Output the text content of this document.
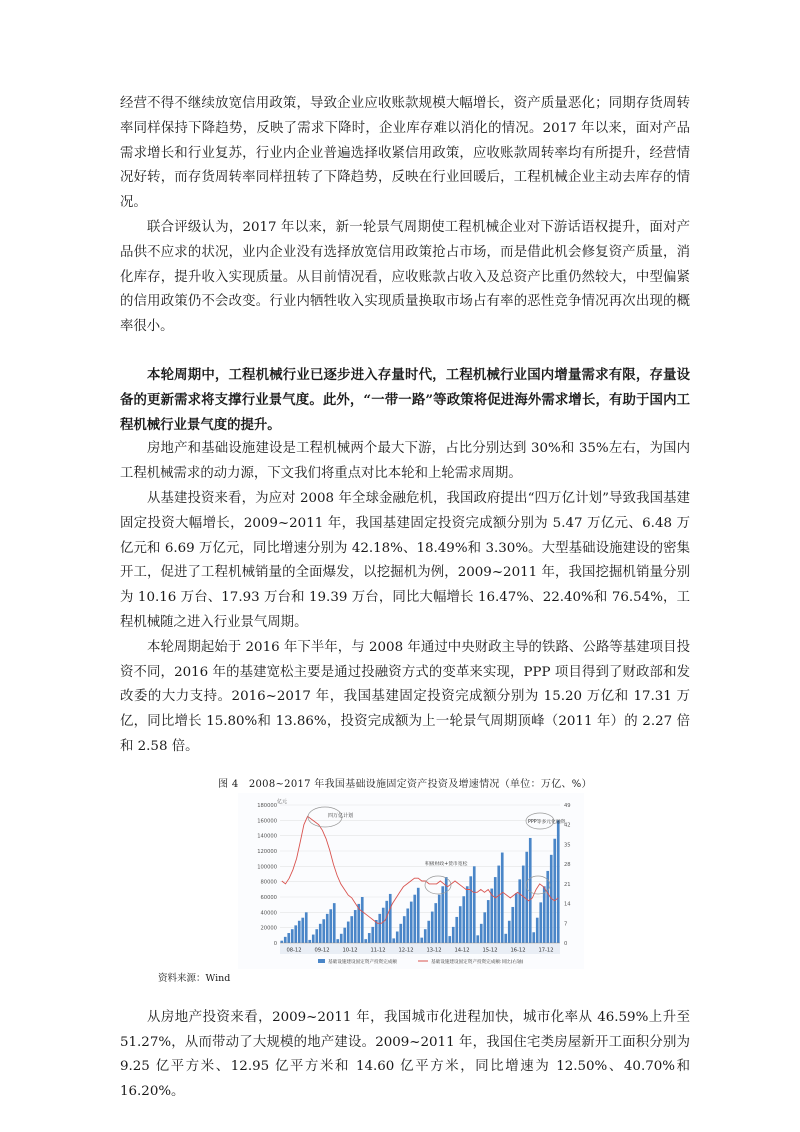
经营不得不继续放宽信用政策，导致企业应收账款规模大幅增长，资产质量恶化；同期存货周转率同样保持下降趋势，反映了需求下降时，企业库存难以消化的情况。2017 年以来，面对产品需求增长和行业复苏，行业内企业普遍选择收紧信用政策，应收账款周转率均有所提升，经营情况好转，而存货周转率同样扭转了下降趋势，反映在行业回暖后，工程机械企业主动去库存的情况。

联合评级认为，2017 年以来，新一轮景气周期使工程机械企业对下游话语权提升，面对产品供不应求的状况，业内企业没有选择放宽信用政策抢占市场，而是借此机会修复资产质量，消化库存，提升收入实现质量。从目前情况看，应收账款占收入及总资产比重仍然较大，中型偏紧的信用政策仍不会改变。行业内牺牲收入实现质量换取市场占有率的恶性竞争情况再次出现的概率很小。

本轮周期中，工程机械行业已逐步进入存量时代，工程机械行业国内增量需求有限，存量设备的更新需求将支撑行业景气度。此外，“一带一路”等政策将促进海外需求增长，有助于国内工程机械行业景气度的提升。

房地产和基础设施建设是工程机械两个最大下游，占比分别达到 30%和 35%左右，为国内工程机械需求的动力源，下文我们将重点对比本轮和上轮需求周期。

从基建投资来看，为应对 2008 年全球金融危机，我国政府提出“四万亿计划”导致我国基建固定投资大幅增长，2009~2011 年，我国基建固定投资完成额分别为 5.47 万亿元、6.48 万亿元和 6.69 万亿元，同比增速分别为 42.18%、18.49%和 3.30%。大型基础设施建设的密集开工，促进了工程机械销量的全面爆发，以挖掘机为例，2009~2011 年，我国挖掘机销量分别为 10.16 万台、17.93 万台和 19.39 万台，同比大幅增长 16.47%、22.40%和 76.54%，工程机械随之进入行业景气周期。

本轮周期起始于 2016 年下半年，与 2008 年通过中央财政主导的铁路、公路等基建项目投资不同，2016 年的基建宽松主要是通过投融资方式的变革来实现，PPP 项目得到了财政部和发改委的大力支持。2016~2017 年，我国基建固定投资完成额分别为 15.20 万亿和 17.31 万亿，同比增长 15.80%和 13.86%，投资完成额为上一轮景气周期顶峰（2011 年）的 2.27 倍和 2.58 倍。

图 4　2008~2017 年我国基础设施固定资产投资及增速情况（单位：万亿、%）
180000
160000
140000
120000
100000
80000
60000
40000
20000
0
亿元
49
42
35
28
21
14
7
0
08-12 09-12 10-12 11-12 12-12 13-12 14-12 15-12 16-12 17-12
四万亿计划
积极财政+货币宽松
PPP等多元化融资
基础设施建设固定资产投资完成额	基础设施建设固定资产投资完成额:同比(右轴)
资料来源：Wind

从房地产投资来看，2009~2011 年，我国城市化进程加快，城市化率从 46.59%上升至 51.27%，从而带动了大规模的地产建设。2009~2011 年，我国住宅类房屋新开工面积分别为 9.25 亿平方米、12.95 亿平方米和 14.60 亿平方米，同比增速为 12.50%、40.70%和 16.20%。
